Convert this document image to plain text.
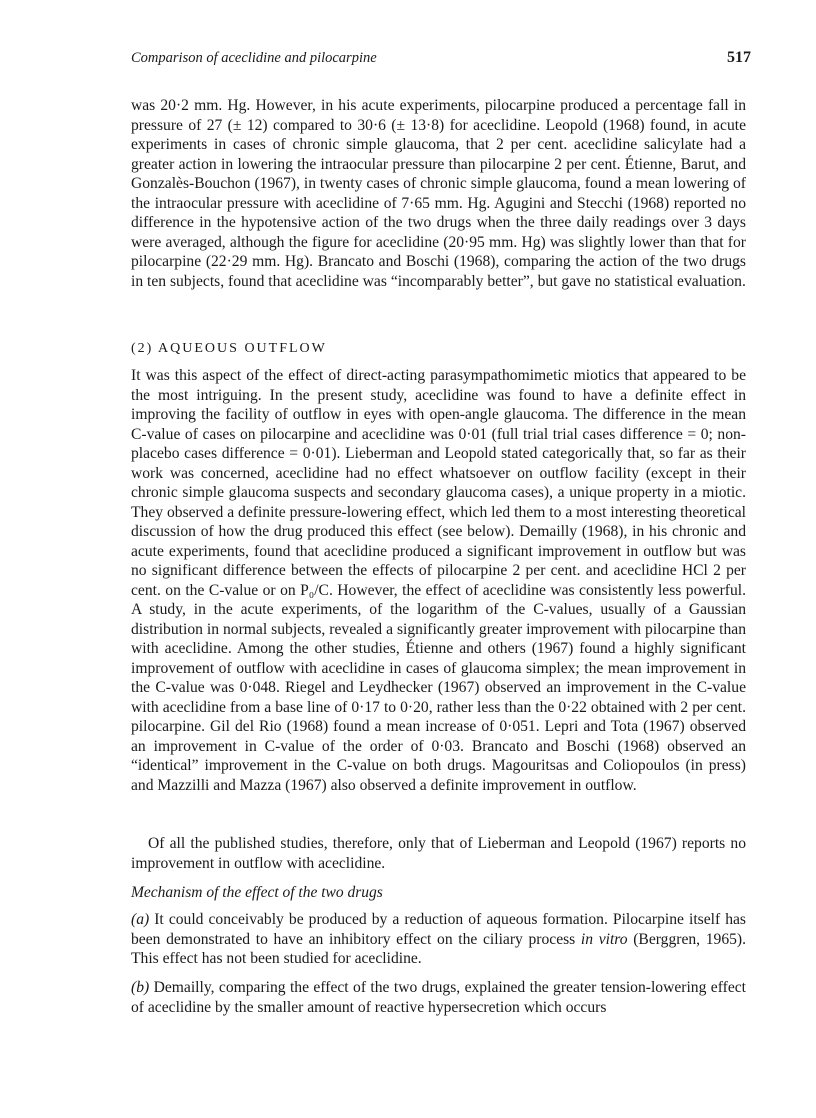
Comparison of aceclidine and pilocarpine	517

was 20·2 mm. Hg. However, in his acute experiments, pilocarpine produced a percentage fall in pressure of 27 (± 12) compared to 30·6 (± 13·8) for aceclidine. Leopold (1968) found, in acute experiments in cases of chronic simple glaucoma, that 2 per cent. aceclidine salicylate had a greater action in lowering the intraocular pressure than pilocarpine 2 per cent. Étienne, Barut, and Gonzalès-Bouchon (1967), in twenty cases of chronic simple glaucoma, found a mean lowering of the intraocular pressure with aceclidine of 7·65 mm. Hg. Agugini and Stecchi (1968) reported no difference in the hypotensive action of the two drugs when the three daily readings over 3 days were averaged, although the figure for aceclidine (20·95 mm. Hg) was slightly lower than that for pilocarpine (22·29 mm. Hg). Brancato and Boschi (1968), comparing the action of the two drugs in ten subjects, found that aceclidine was “incomparably better”, but gave no statistical evaluation.

(2) AQUEOUS OUTFLOW

It was this aspect of the effect of direct-acting parasympathomimetic miotics that appeared to be the most intriguing. In the present study, aceclidine was found to have a definite effect in improving the facility of outflow in eyes with open-angle glaucoma. The difference in the mean C-value of cases on pilocarpine and aceclidine was 0·01 (full trial trial cases difference = 0; non-placebo cases difference = 0·01). Lieberman and Leopold stated categorically that, so far as their work was concerned, aceclidine had no effect whatsoever on outflow facility (except in their chronic simple glaucoma suspects and secondary glaucoma cases), a unique property in a miotic. They observed a definite pressure-lowering effect, which led them to a most interesting theoretical discussion of how the drug produced this effect (see below). Demailly (1968), in his chronic and acute experiments, found that aceclidine produced a significant improvement in outflow but was no significant difference between the effects of pilocarpine 2 per cent. and aceclidine HCl 2 per cent. on the C-value or on P₀/C. However, the effect of aceclidine was consistently less powerful. A study, in the acute experiments, of the logarithm of the C-values, usually of a Gaussian distribution in normal subjects, revealed a significantly greater improvement with pilocarpine than with aceclidine. Among the other studies, Étienne and others (1967) found a highly significant improvement of outflow with aceclidine in cases of glaucoma simplex; the mean improvement in the C-value was 0·048. Riegel and Leydhecker (1967) observed an improvement in the C-value with aceclidine from a base line of 0·17 to 0·20, rather less than the 0·22 obtained with 2 per cent. pilocarpine. Gil del Rio (1968) found a mean increase of 0·051. Lepri and Tota (1967) observed an improvement in C-value of the order of 0·03. Brancato and Boschi (1968) observed an “identical” improvement in the C-value on both drugs. Magouritsas and Coliopoulos (in press) and Mazzilli and Mazza (1967) also observed a definite improvement in outflow.

Of all the published studies, therefore, only that of Lieberman and Leopold (1967) reports no improvement in outflow with aceclidine.

Mechanism of the effect of the two drugs

(a) It could conceivably be produced by a reduction of aqueous formation. Pilocarpine itself has been demonstrated to have an inhibitory effect on the ciliary process in vitro (Berggren, 1965). This effect has not been studied for aceclidine.

(b) Demailly, comparing the effect of the two drugs, explained the greater tension-lowering effect of aceclidine by the smaller amount of reactive hypersecretion which occurs
